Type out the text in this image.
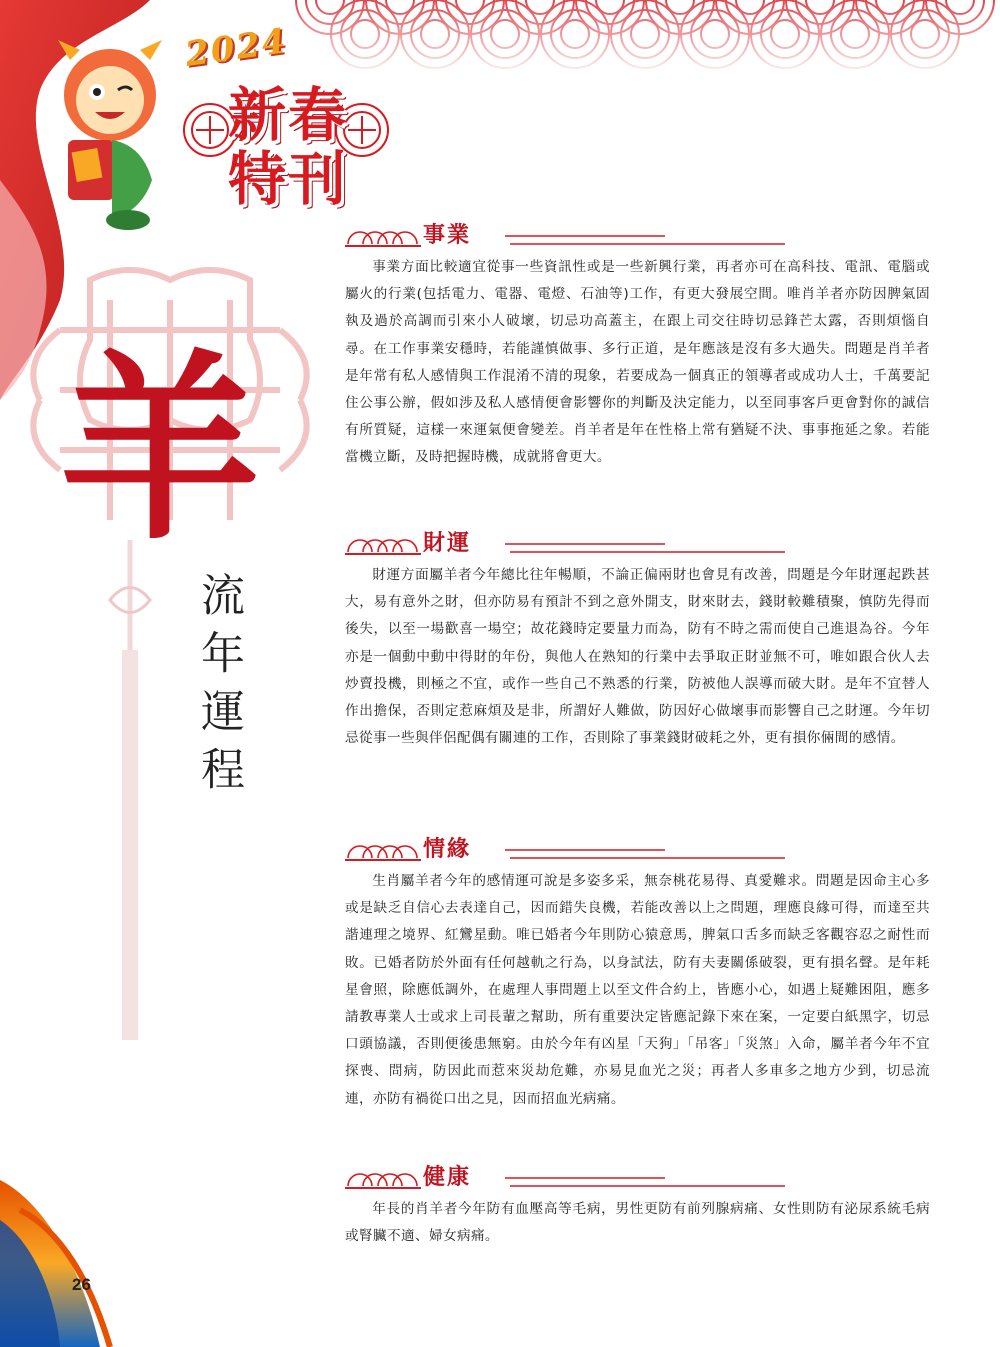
2024
新春
特刊
羊
流年運程
事業

事業方面比較適宜從事一些資訊性或是一些新興行業，再者亦可在高科技、電訊、電腦或屬火的行業(包括電力、電器、電燈、石油等)工作，有更大發展空間。唯肖羊者亦防因脾氣固執及過於高調而引來小人破壞，切忌功高蓋主，在跟上司交往時切忌鋒芒太露，否則煩惱自尋。在工作事業安穩時，若能謹慎做事、多行正道，是年應該是沒有多大過失。問題是肖羊者是年常有私人感情與工作混淆不清的現象，若要成為一個真正的領導者或成功人士，千萬要記住公事公辦，假如涉及私人感情便會影響你的判斷及決定能力，以至同事客戶更會對你的誠信有所質疑，這樣一來運氣便會變差。肖羊者是年在性格上常有猶疑不決、事事拖延之象。若能當機立斷，及時把握時機，成就將會更大。

財運

財運方面屬羊者今年總比往年暢順，不論正偏兩財也會見有改善，問題是今年財運起跌甚大，易有意外之財，但亦防易有預計不到之意外開支，財來財去，錢財較難積聚，慎防先得而後失，以至一場歡喜一場空；故花錢時定要量力而為，防有不時之需而使自己進退為谷。今年亦是一個動中動中得財的年份，與他人在熟知的行業中去爭取正財並無不可，唯如跟合伙人去炒賣投機，則極之不宜，或作一些自己不熟悉的行業，防被他人誤導而破大財。是年不宜替人作出擔保，否則定惹麻煩及是非，所謂好人難做，防因好心做壞事而影響自己之財運。今年切忌從事一些與伴侶配偶有關連的工作，否則除了事業錢財破耗之外，更有損你倆間的感情。

情緣

生肖屬羊者今年的感情運可說是多姿多采，無奈桃花易得、真愛難求。問題是因命主心多或是缺乏自信心去表達自己，因而錯失良機，若能改善以上之問題，理應良緣可得，而達至共諧連理之境界、紅鸞星動。唯已婚者今年則防心猿意馬，脾氣口舌多而缺乏客觀容忍之耐性而敗。已婚者防於外面有任何越軌之行為，以身試法，防有夫妻關係破裂，更有損名聲。是年耗星會照，除應低調外，在處理人事問題上以至文件合約上，皆應小心，如遇上疑難困阻，應多請教專業人士或求上司長輩之幫助，所有重要決定皆應記錄下來在案，一定要白紙黑字，切忌口頭協議，否則便後患無窮。由於今年有凶星「天狗」「吊客」「災煞」入命，屬羊者今年不宜探喪、問病，防因此而惹來災劫危難，亦易見血光之災；再者人多車多之地方少到，切忌流連，亦防有禍從口出之見，因而招血光病痛。

健康

年長的肖羊者今年防有血壓高等毛病，男性更防有前列腺病痛、女性則防有泌尿系統毛病或腎臟不適、婦女病痛。

26
